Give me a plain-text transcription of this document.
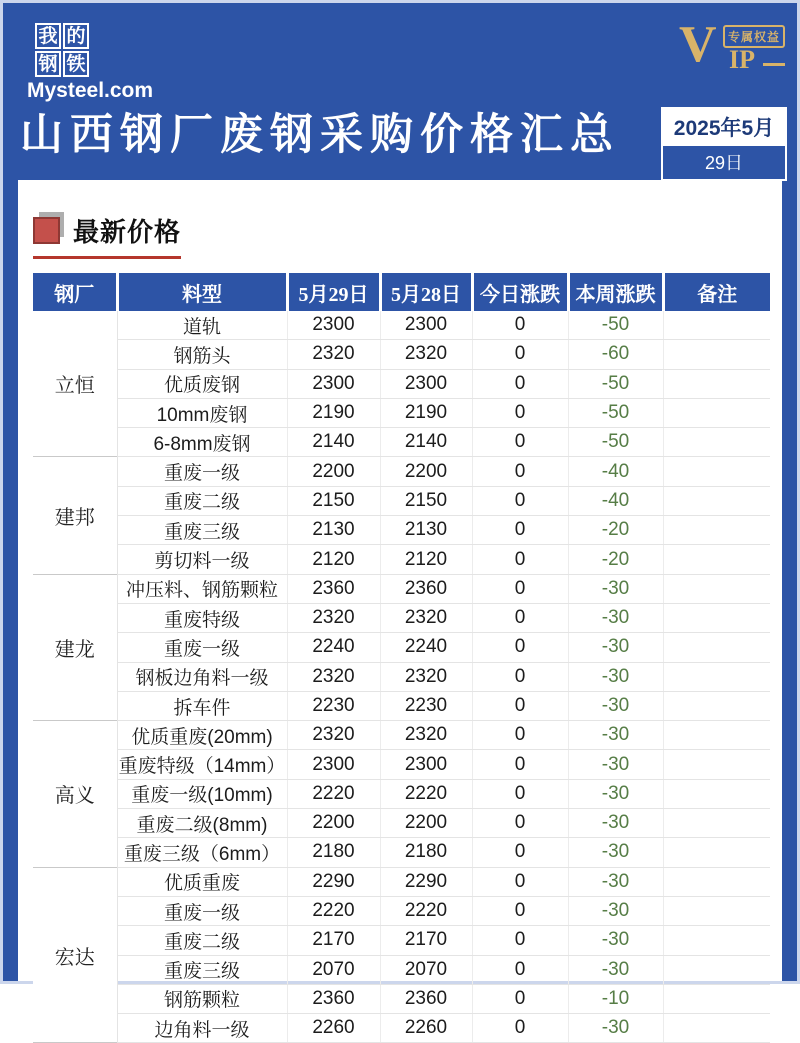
我 的
钢 铁
Mysteel.com
V 专属权益
IP
山西钢厂废钢采购价格汇总	2025年5月
29日
最新价格
钢厂	料型	5月29日	5月28日	今日涨跌	本周涨跌	备注
立恒	道轨	2300	2300	0	-50	
	钢筋头	2320	2320	0	-60	
	优质废钢	2300	2300	0	-50	
	10mm废钢	2190	2190	0	-50	
	6-8mm废钢	2140	2140	0	-50	
建邦	重废一级	2200	2200	0	-40	
	重废二级	2150	2150	0	-40	
	重废三级	2130	2130	0	-20	
	剪切料一级	2120	2120	0	-20	
建龙	冲压料、钢筋颗粒	2360	2360	0	-30	
	重废特级	2320	2320	0	-30	
	重废一级	2240	2240	0	-30	
	钢板边角料一级	2320	2320	0	-30	
	拆车件	2230	2230	0	-30	
高义	优质重废(20mm)	2320	2320	0	-30	
	重废特级（14mm）	2300	2300	0	-30	
	重废一级(10mm)	2220	2220	0	-30	
	重废二级(8mm)	2200	2200	0	-30	
	重废三级（6mm）	2180	2180	0	-30	
宏达	优质重废	2290	2290	0	-30	
	重废一级	2220	2220	0	-30	
	重废二级	2170	2170	0	-30	
	重废三级	2070	2070	0	-30	
	钢筋颗粒	2360	2360	0	-10	
	边角料一级	2260	2260	0	-30	
